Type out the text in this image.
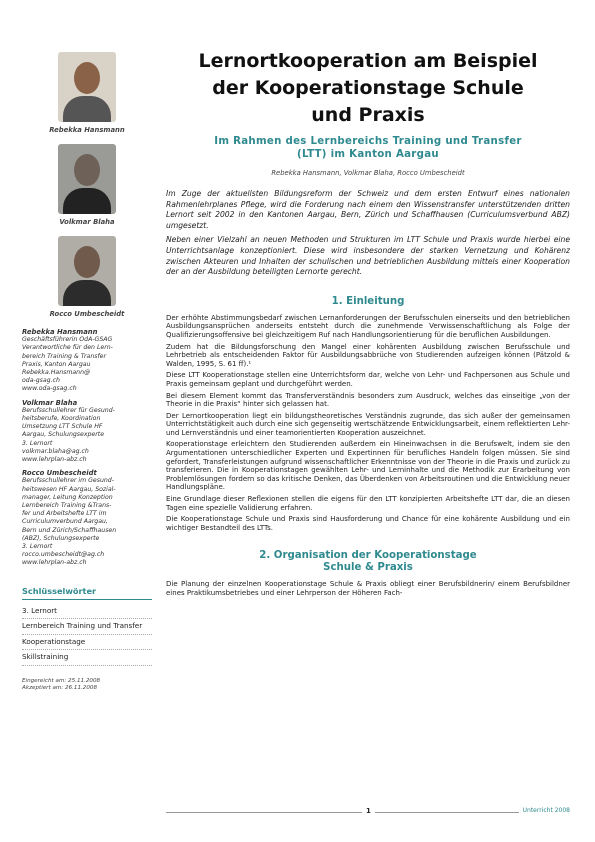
Rebekka Hansmann
Volkmar Blaha
Rocco Umbescheidt
Rebekka Hansmann
Geschäftsführerin OdA-GSAG
Verantwortliche für den Lern-
bereich Training & Transfer
Praxis, Kanton Aargau
Rebekka.Hansmann@
oda-gsag.ch
www.oda-gsag.ch
Volkmar Blaha
Berufsschullehrer für Gesund-
heitsberufe, Koordination
Umsetzung LTT Schule HF
Aargau, Schulungsexperte
3. Lernort
volkmar.blaha@ag.ch
www.lehrplan-abz.ch
Rocco Umbescheidt
Berufsschullehrer im Gesund-
heitswesen HF Aargau, Sozial-
manager, Leitung Konzeption
Lernbereich Training &Trans-
fer und Arbeitshefte LTT im
Curriculumverbund Aargau,
Bern und Zürich/Schaffhausen
(ABZ), Schulungsexperte
3. Lernort
rocco.umbescheidt@ag.ch
www.lehrplan-abz.ch
Schlüsselwörter
3. Lernort
Lernbereich Training und Transfer
Kooperationstage
Skillstraining
Eingereicht am: 25.11.2008
Akzeptiert am: 26.11.2008
Lernortkooperation am Beispiel
der Kooperationstage Schule
und Praxis
Im Rahmen des Lernbereichs Training und Transfer
(LTT) im Kanton Aargau
Rebekka Hansmann, Volkmar Blaha, Rocco Umbescheidt

Im Zuge der aktuellsten Bildungsreform der Schweiz und dem ersten Entwurf eines nationalen Rahmenlehrplanes Pflege, wird die Forderung nach einem den Wissenstransfer unterstützenden dritten Lernort seit 2002 in den Kantonen Aargau, Bern, Zürich und Schaffhausen (Curriculumsverbund ABZ) umgesetzt.

Neben einer Vielzahl an neuen Methoden und Strukturen im LTT Schule und Praxis wurde hierbei eine Unterrichtsanlage konzeptioniert. Diese wird insbesondere der starken Vernetzung und Kohärenz zwischen Akteuren und Inhalten der schulischen und betrieblichen Ausbildung mittels einer Kooperation der an der Ausbildung beteiligten Lernorte gerecht.

1. Einleitung

Der erhöhte Abstimmungsbedarf zwischen Lernanforderungen der Berufsschulen einerseits und den betrieblichen Ausbildungsansprüchen anderseits entsteht durch die zunehmende Verwissenschaftlichung als Folge der Qualifizierungsoffensive bei gleichzeitigem Ruf nach Handlungsorientierung für die beruflichen Ausbildungen.

Zudem hat die Bildungsforschung den Mangel einer kohärenten Ausbildung zwischen Berufsschule und Lehrbetrieb als entscheidenden Faktor für Ausbildungsabbrüche von Studierenden aufzeigen können (Pätzold & Walden, 1995, S. 61 ff).¹

Diese LTT Kooperationstage stellen eine Unterrichtsform dar, welche von Lehr- und Fachpersonen aus Schule und Praxis gemeinsam geplant und durchgeführt werden.

Bei diesem Element kommt das Transferverständnis besonders zum Ausdruck, welches das einseitige „von der Theorie in die Praxis“ hinter sich gelassen hat.

Der Lernortkooperation liegt ein bildungstheoretisches Verständnis zugrunde, das sich außer der gemeinsamen Unterrichtstätigkeit auch durch eine sich gegenseitig wertschätzende Entwicklungsarbeit, einem reflektierten Lehr- und Lernverständnis und einer teamorientierten Kooperation auszeichnet.

Kooperationstage erleichtern den Studierenden außerdem ein Hineinwachsen in die Berufswelt, indem sie den Argumentationen unterschiedlicher Experten und Expertinnen für berufliches Handeln folgen müssen. Sie sind gefordert, Transferleistungen aufgrund wissenschaftlicher Erkenntnisse von der Theorie in die Praxis und zurück zu transferieren. Die in Kooperationstagen gewählten Lehr- und Lerninhalte und die Methodik zur Erarbeitung von Problemlösungen fordern so das kritische Denken, das Überdenken von Arbeitsroutinen und die Entwicklung neuer Handlungspläne.

Eine Grundlage dieser Reflexionen stellen die eigens für den LTT konzipierten Arbeitshefte LTT dar, die an diesen Tagen eine spezielle Validierung erfahren.

Die Kooperationstage Schule und Praxis sind Hausforderung und Chance für eine kohärente Ausbildung und ein wichtiger Bestandteil des LTTs.

2. Organisation der Kooperationstage
Schule & Praxis

Die Planung der einzelnen Kooperationstage Schule & Praxis obliegt einer Berufsbildnerin/ einem Berufsbildner eines Praktikumsbetriebes und einer Lehrperson der Höheren Fach-

1	Unterricht 2008
